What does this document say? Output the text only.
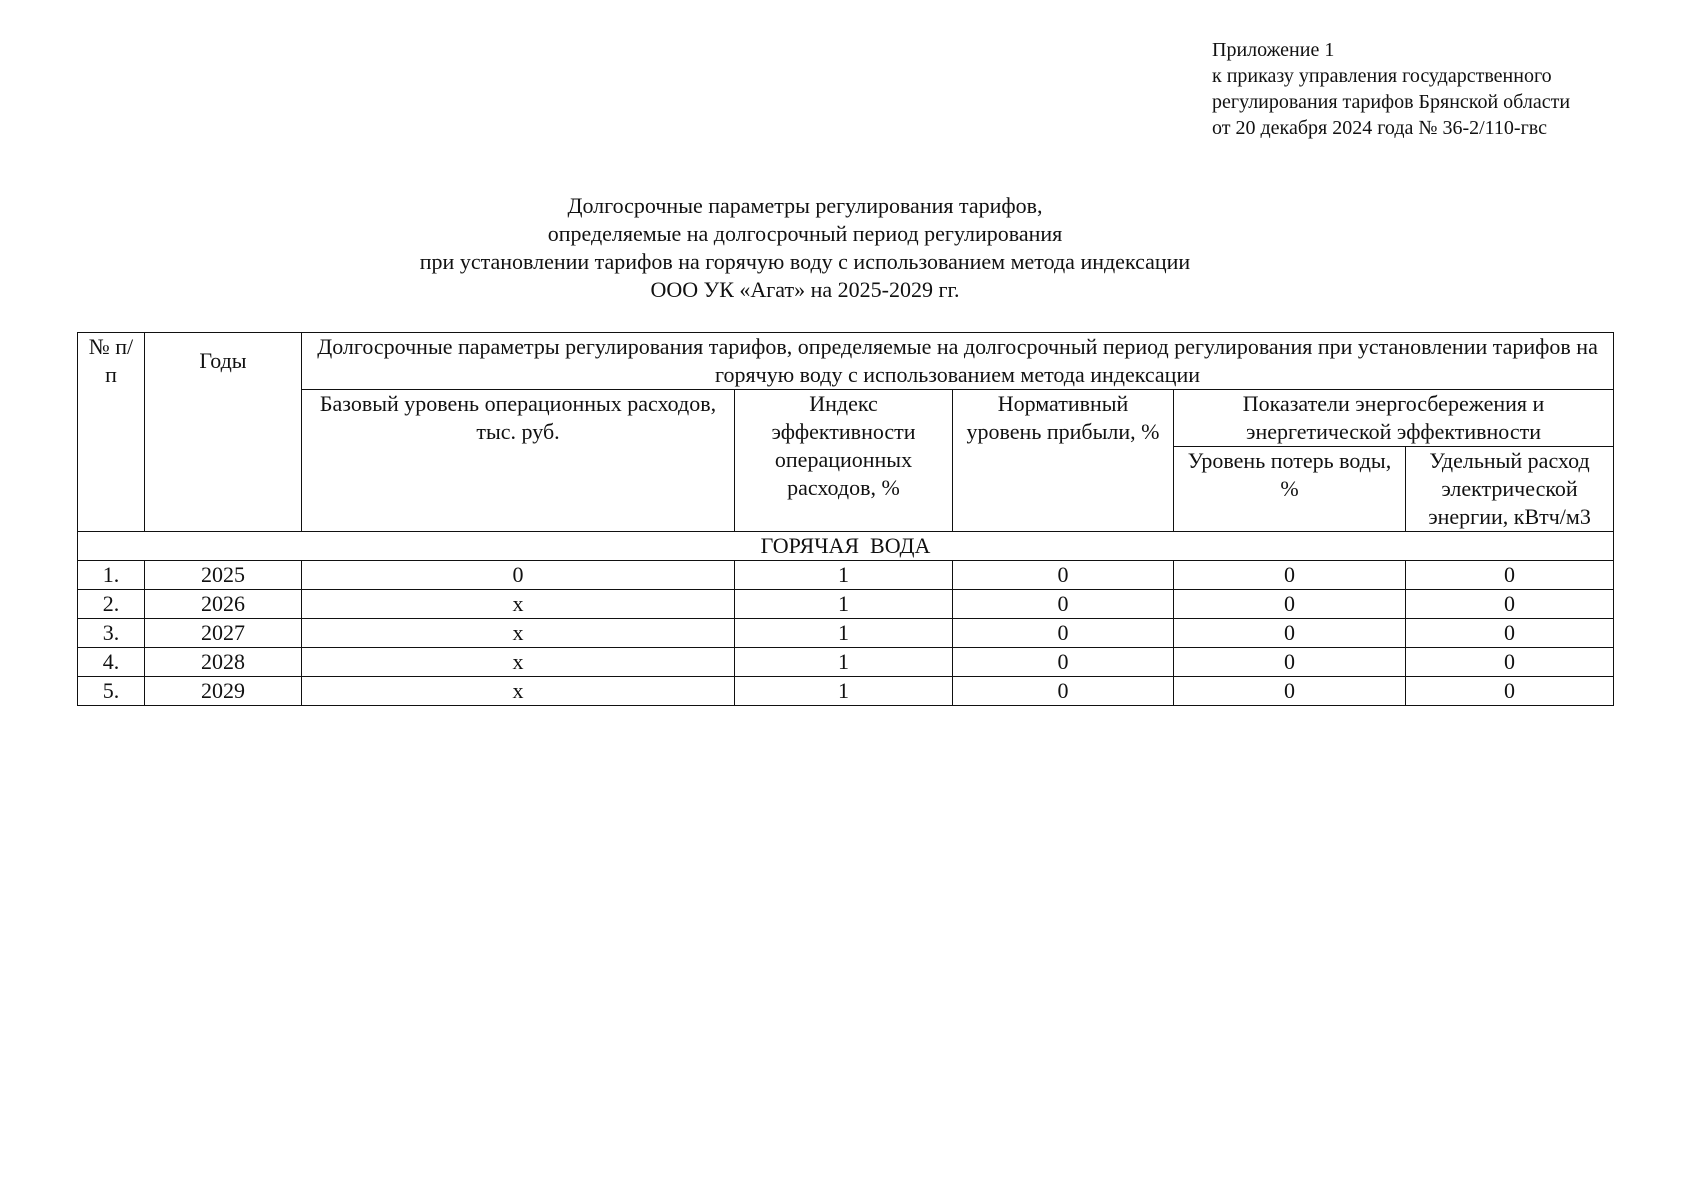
Приложение 1
к приказу управления государственного
регулирования тарифов Брянской области
от 20 декабря 2024 года № 36-2/110-гвс
Долгосрочные параметры регулирования тарифов,
определяемые на долгосрочный период регулирования
при установлении тарифов на горячую воду с использованием метода индексации
ООО УК «Агат» на 2025-2029 гг.
№ п/п	Годы	Долгосрочные параметры регулирования тарифов, определяемые на долгосрочный период регулирования при установлении тарифов на горячую воду с использованием метода индексации				
		Базовый уровень операционных расходов, тыс. руб.	Индекс эффективности операционных расходов, %	Нормативный уровень прибыли, %	Показатели энергосбережения и энергетической эффективности	
					Уровень потерь воды, %	Удельный расход электрической энергии, кВтч/м3
ГОРЯЧАЯ  ВОДА						
1.	2025	0	1	0	0	0
2.	2026	х	1	0	0	0
3.	2027	х	1	0	0	0
4.	2028	х	1	0	0	0
5.	2029	х	1	0	0	0
